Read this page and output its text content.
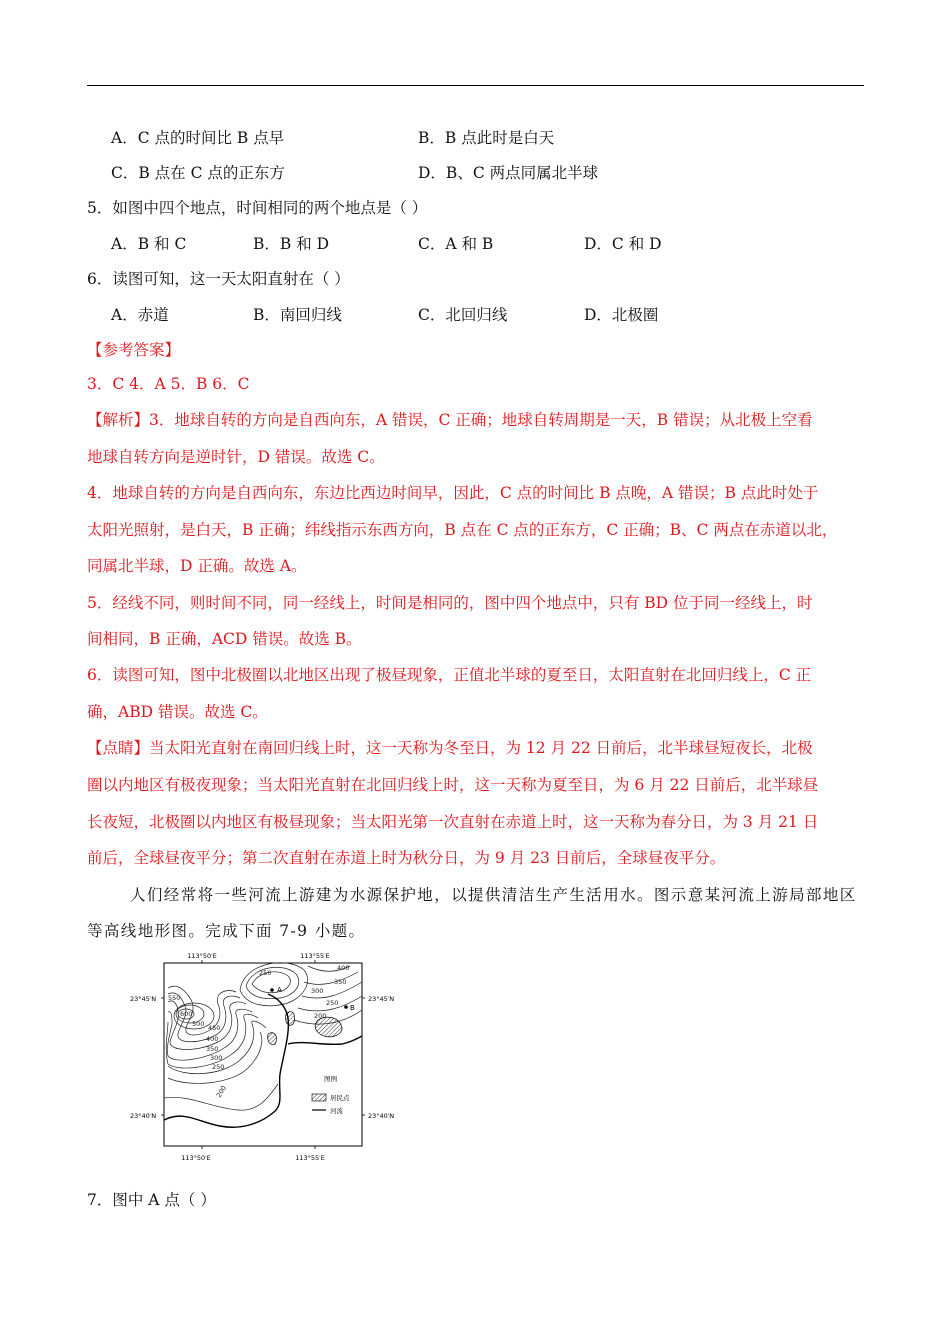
A．C 点的时间比 B 点早	B．B 点此时是白天
C．B 点在 C 点的正东方	D．B、C 两点同属北半球
5．如图中四个地点，时间相同的两个地点是（ ）
A．B 和 C	B．B 和 D	C．A 和 B	D．C 和 D
6．读图可知，这一天太阳直射在（ ）
A．赤道	B．南回归线	C．北回归线	D．北极圈
【参考答案】
3．C 4．A 5．B 6．C
【解析】3．地球自转的方向是自西向东，A 错误，C 正确；地球自转周期是一天，B 错误；从北极上空看
地球自转方向是逆时针，D 错误。故选 C。
4．地球自转的方向是自西向东，东边比西边时间早，因此，C 点的时间比 B 点晚，A 错误；B 点此时处于
太阳光照射，是白天，B 正确；纬线指示东西方向，B 点在 C 点的正东方，C 正确；B、C 两点在赤道以北，
同属北半球，D 正确。故选 A。
5．经线不同，则时间不同，同一经线上，时间是相同的，图中四个地点中，只有 BD 位于同一经线上，时
间相同，B 正确，ACD 错误。故选 B。
6．读图可知，图中北极圈以北地区出现了极昼现象，正值北半球的夏至日，太阳直射在北回归线上，C 正
确，ABD 错误。故选 C。
【点睛】当太阳光直射在南回归线上时，这一天称为冬至日，为 12 月 22 日前后，北半球昼短夜长，北极
圈以内地区有极夜现象；当太阳光直射在北回归线上时，这一天称为夏至日，为 6 月 22 日前后，北半球昼
长夜短，北极圈以内地区有极昼现象；当太阳光第一次直射在赤道上时，这一天称为春分日，为 3 月 21 日
前后，全球昼夜平分；第二次直射在赤道上时为秋分日，为 9 月 23 日前后，全球昼夜平分。
人们经常将一些河流上游建为水源保护地，以提供清洁生产生活用水。图示意某河流上游局部地区
等高线地形图。完成下面 7-9 小题。
113°50′E	113°55′E
113°50′E	113°55′E
23°45′N	23°45′N
23°40′N	23°40′N
A
B
250
400
350
300
250
200
550
600
500 450
400
350
300
250
200
图例
居民点
河流
7．图中 A 点（ ）
